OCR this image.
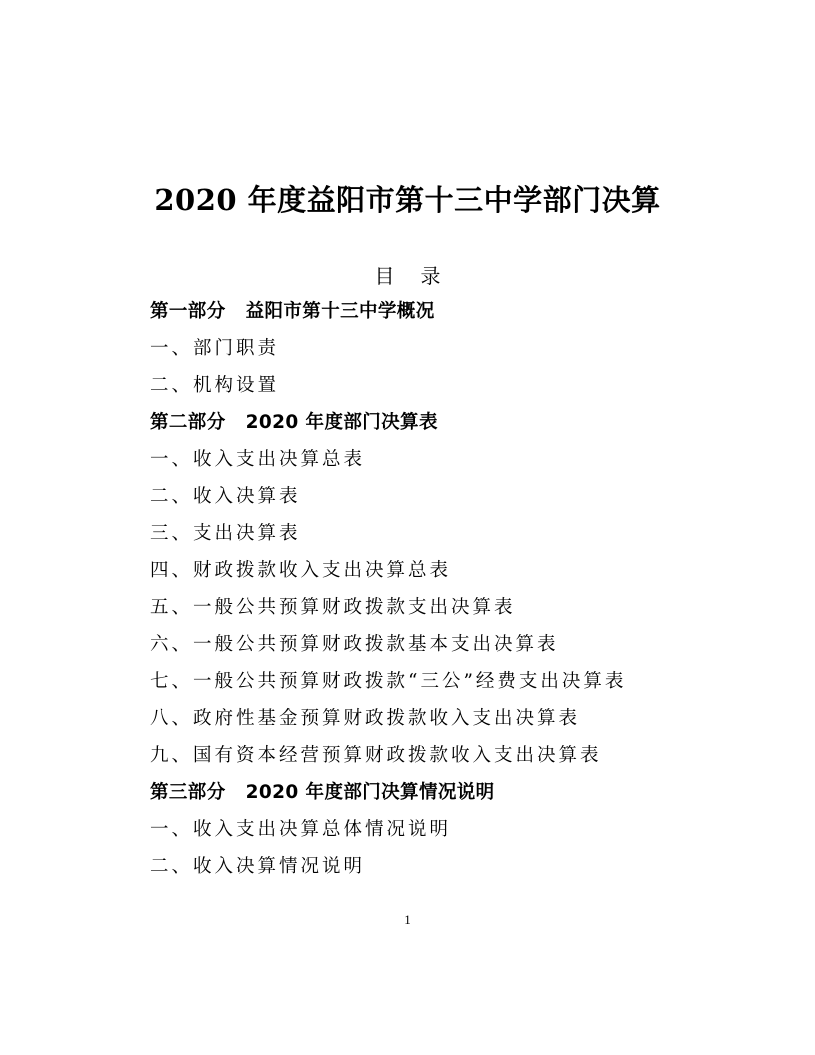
2020 年度益阳市第十三中学部门决算
目 录
第一部分 益阳市第十三中学概况
一、部门职责
二、机构设置
第二部分 2020 年度部门决算表
一、收入支出决算总表
二、收入决算表
三、支出决算表
四、财政拨款收入支出决算总表
五、一般公共预算财政拨款支出决算表
六、一般公共预算财政拨款基本支出决算表
七、一般公共预算财政拨款“三公”经费支出决算表
八、政府性基金预算财政拨款收入支出决算表
九、国有资本经营预算财政拨款收入支出决算表
第三部分 2020 年度部门决算情况说明
一、收入支出决算总体情况说明
二、收入决算情况说明
1
